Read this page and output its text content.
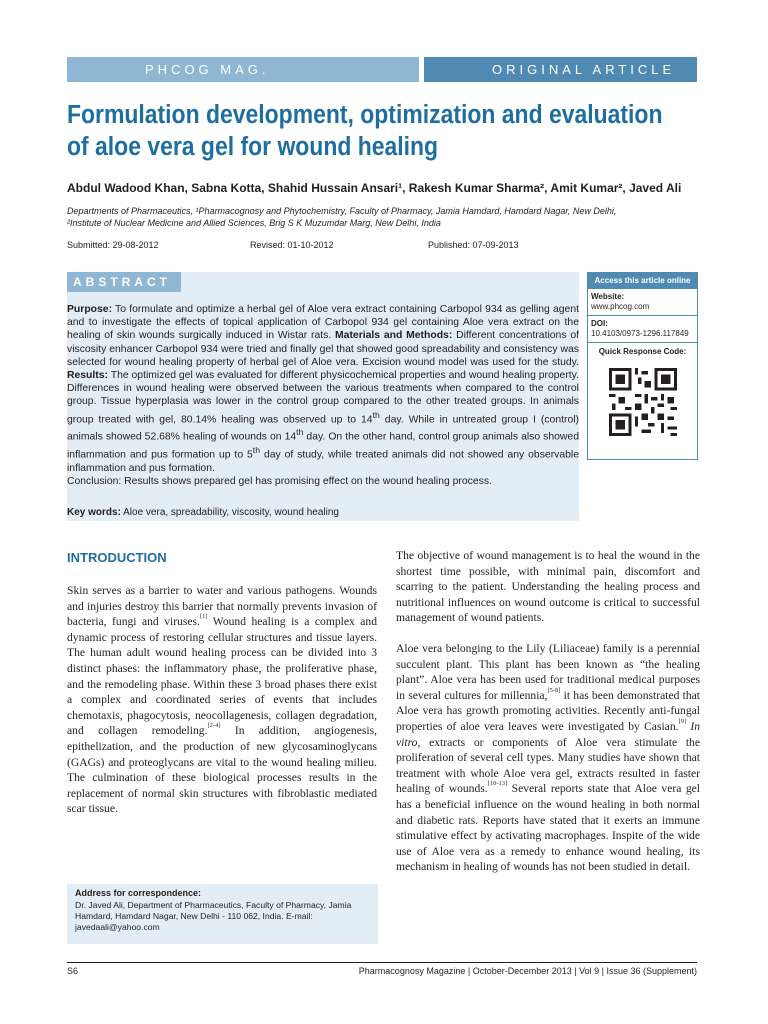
PHCOG MAG.	ORIGINAL ARTICLE
Formulation development, optimization and evaluation
of aloe vera gel for wound healing
Abdul Wadood Khan, Sabna Kotta, Shahid Hussain Ansari¹, Rakesh Kumar Sharma², Amit Kumar², Javed Ali
Departments of Pharmaceutics, ¹Pharmacognosy and Phytochemistry, Faculty of Pharmacy, Jamia Hamdard, Hamdard Nagar, New Delhi,
²Institute of Nuclear Medicine and Allied Sciences, Brig S K Muzumdar Marg, New Delhi, India
Submitted: 29-08-2012	Revised: 01-10-2012	Published: 07-09-2013
ABSTRACT
Purpose: To formulate and optimize a herbal gel of Aloe vera extract containing Carbopol 934 as gelling agent and to investigate the effects of topical application of Carbopol 934 gel containing Aloe vera extract on the healing of skin wounds surgically induced in Wistar rats. Materials and Methods: Different concentrations of viscosity enhancer Carbopol 934 were tried and finally gel that showed good spreadability and consistency was selected for wound healing property of herbal gel of Aloe vera. Excision wound model was used for the study. Results: The optimized gel was evaluated for different physicochemical properties and wound healing property. Differences in wound healing were observed between the various treatments when compared to the control group. Tissue hyperplasia was lower in the control group compared to the other treated groups. In animals group treated with gel, 80.14% healing was observed up to 14th day. While in untreated group I (control) animals showed 52.68% healing of wounds on 14th day. On the other hand, control group animals also showed inflammation and pus formation up to 5th day of study, while treated animals did not showed any observable inflammation and pus formation.
Conclusion: Results shows prepared gel has promising effect on the wound healing process.
Access this article online
Website:
www.phcog.com
DOI:
10.4103/0973-1296.117849
Quick Response Code:
Key words: Aloe vera, spreadability, viscosity, wound healing
INTRODUCTION

Skin serves as a barrier to water and various pathogens. Wounds and injuries destroy this barrier that normally prevents invasion of bacteria, fungi and viruses.[1] Wound healing is a complex and dynamic process of restoring cellular structures and tissue layers. The human adult wound healing process can be divided into 3 distinct phases: the inflammatory phase, the proliferative phase, and the remodeling phase. Within these 3 broad phases there exist a complex and coordinated series of events that includes chemotaxis, phagocytosis, neocollagenesis, collagen degradation, and collagen remodeling.[2-4] In addition, angiogenesis, epithelization, and the production of new glycosaminoglycans (GAGs) and proteoglycans are vital to the wound healing milieu. The culmination of these biological processes results in the replacement of normal skin structures with fibroblastic mediated scar tissue.

The objective of wound management is to heal the wound in the shortest time possible, with minimal pain, discomfort and scarring to the patient. Understanding the healing process and nutritional influences on wound outcome is critical to successful management of wound patients.

Aloe vera belonging to the Lily (Liliaceae) family is a perennial succulent plant. This plant has been known as “the healing plant”. Aloe vera has been used for traditional medical purposes in several cultures for millennia,[5-8] it has been demonstrated that Aloe vera has growth promoting activities. Recently anti-fungal properties of aloe vera leaves were investigated by Casian.[9] In vitro, extracts or components of Aloe vera stimulate the proliferation of several cell types. Many studies have shown that treatment with whole Aloe vera gel, extracts resulted in faster healing of wounds.[10-13] Several reports state that Aloe vera gel has a beneficial influence on the wound healing in both normal and diabetic rats. Reports have stated that it exerts an immune stimulative effect by activating macrophages. Inspite of the wide use of Aloe vera as a remedy to enhance wound healing, its mechanism in healing of wounds has not been studied in detail.

Address for correspondence:
Dr. Javed Ali, Department of Pharmaceutics, Faculty of Pharmacy, Jamia Hamdard, Hamdard Nagar, New Delhi - 110 062, India. E-mail: javedaali@yahoo.com
S6	Pharmacognosy Magazine | October-December 2013 | Vol 9 | Issue 36 (Supplement)
